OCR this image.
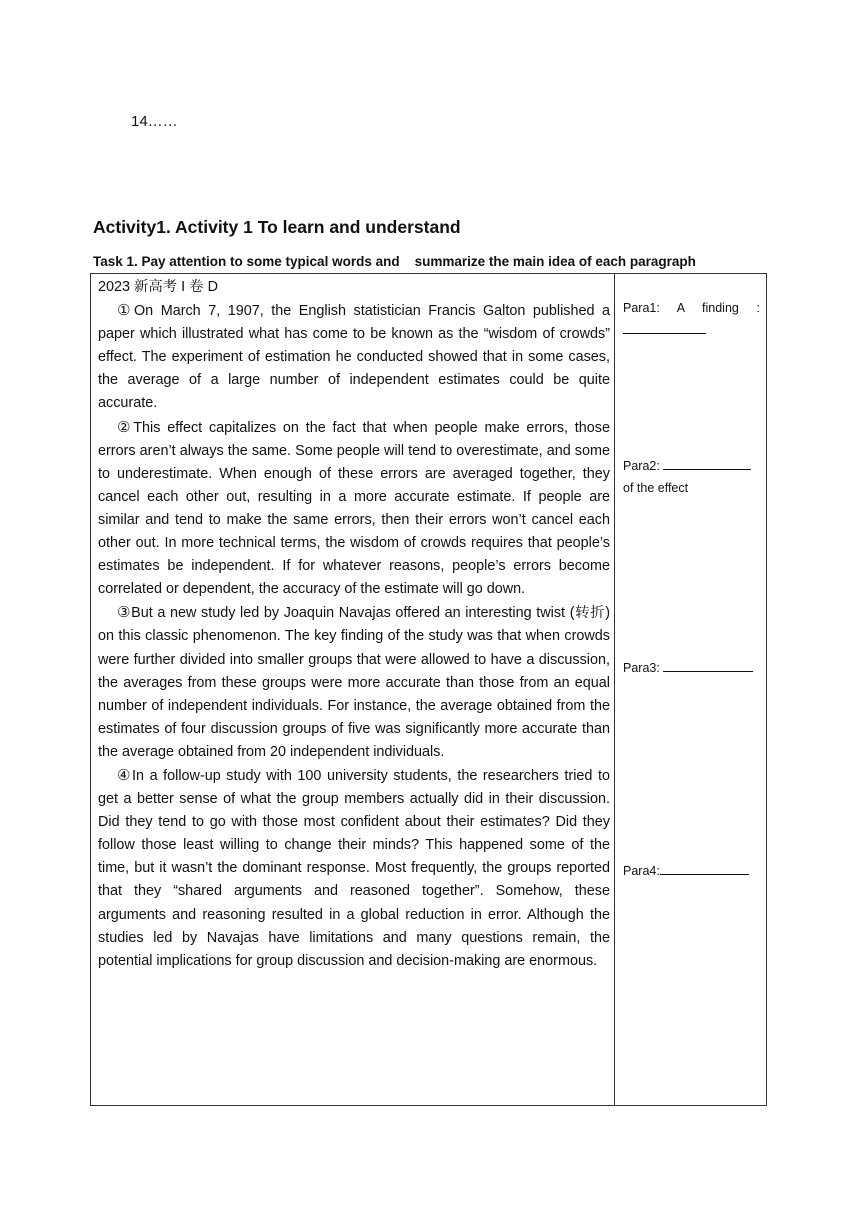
14……
Activity1. Activity 1 To learn and understand
Task 1. Pay attention to some typical words and    summarize the main idea of each paragraph

2023 新高考 I 卷 D

①On March 7, 1907, the English statistician Francis Galton published a paper which illustrated what has come to be known as the “wisdom of crowds” effect. The experiment of estimation he conducted showed that in some cases, the average of a large number of independent estimates could be quite accurate.

②This effect capitalizes on the fact that when people make errors, those errors aren’t always the same. Some people will tend to overestimate, and some to underestimate. When enough of these errors are averaged together, they cancel each other out, resulting in a more accurate estimate. If people are similar and tend to make the same errors, then their errors won’t cancel each other out. In more technical terms, the wisdom of crowds requires that people’s estimates be independent. If for whatever reasons, people’s errors become correlated or dependent, the accuracy of the estimate will go down.

③But a new study led by Joaquin Navajas offered an interesting twist (转折) on this classic phenomenon. The key finding of the study was that when crowds were further divided into smaller groups that were allowed to have a discussion, the averages from these groups were more accurate than those from an equal number of independent individuals. For instance, the average obtained from the estimates of four discussion groups of five was significantly more accurate than the average obtained from 20 independent individuals.

④In a follow-up study with 100 university students, the researchers tried to get a better sense of what the group members actually did in their discussion. Did they tend to go with those most confident about their estimates? Did they follow those least willing to change their minds? This happened some of the time, but it wasn’t the dominant response. Most frequently, the groups reported that they “shared arguments and reasoned together”. Somehow, these arguments and reasoning resulted in a global reduction in error. Although the studies led by Navajas have limitations and many questions remain, the potential implications for group discussion and decision-making are enormous.

Para1: A finding :
Para2:
of the effect
Para3:
Para4:
